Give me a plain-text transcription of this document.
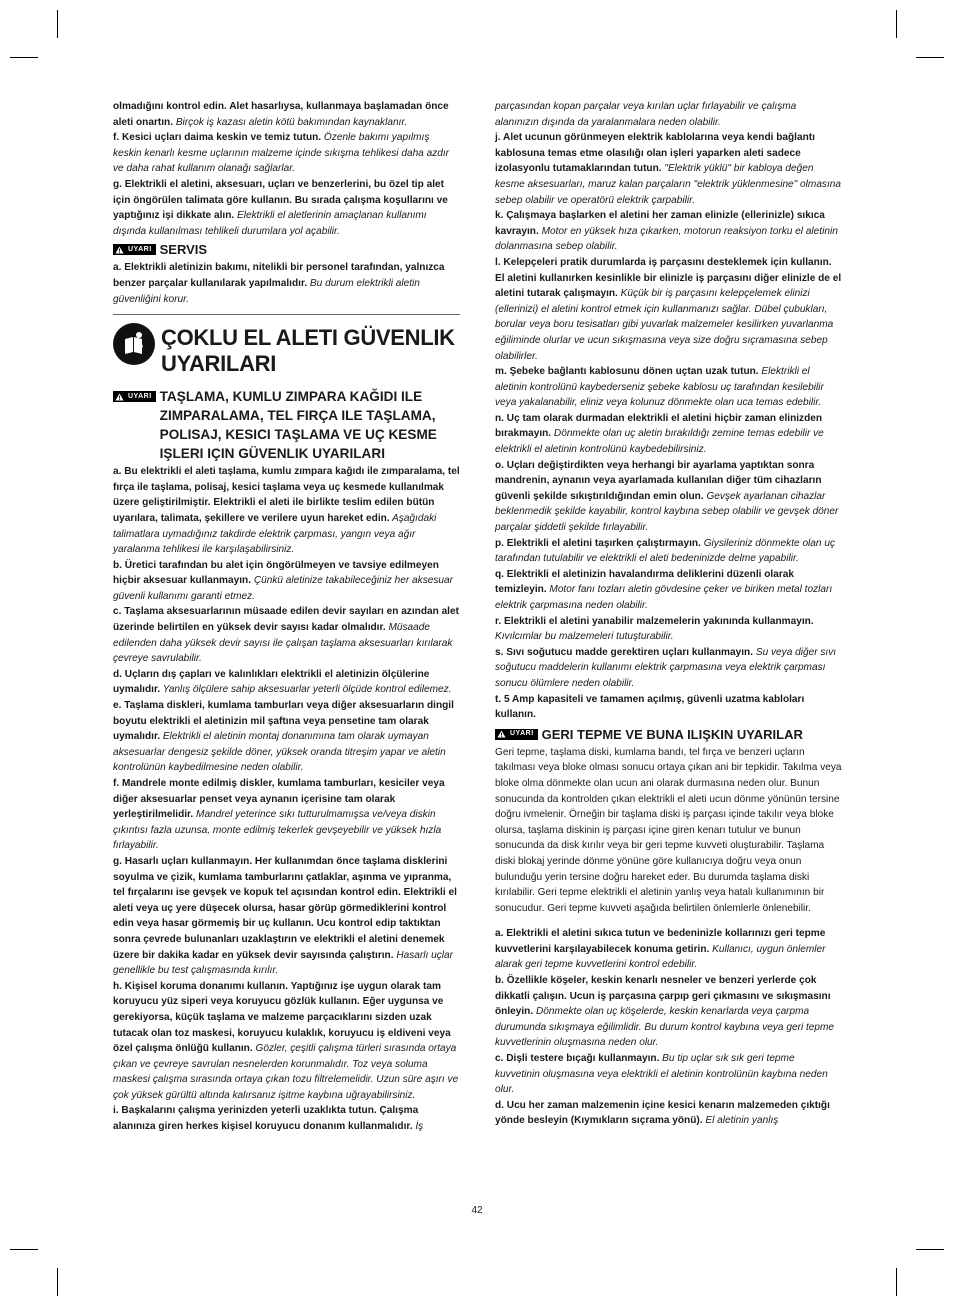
olmadığını kontrol edin. Alet hasarlıysa, kullanmaya başlamadan önce aleti onartın. Birçok iş kazası aletin kötü bakımından kaynaklanır.

f. Kesici uçları daima keskin ve temiz tutun. Özenle bakımı yapılmış keskin kenarlı kesme uçlarının malzeme içinde sıkışma tehlikesi daha azdır ve daha rahat kullanım olanağı sağlarlar.

g. Elektrikli el aletini, aksesuarı, uçları ve benzerlerini, bu özel tip alet için öngörülen talimata göre kullanın. Bu sırada çalışma koşullarını ve yaptığınız işi dikkate alın. Elektrikli el aletlerinin amaçlanan kullanımı dışında kullanılması tehlikeli durumlara yol açabilir.

UYARI SERVIS

a. Elektrikli aletinizin bakımı, nitelikli bir personel tarafından, yalnızca benzer parçalar kullanılarak yapılmalıdır. Bu durum elektrikli aletin güvenliğini korur.

ÇOKLU EL ALETI GÜVENLIK UYARILARI
UYARI TAŞLAMA, KUMLU ZIMPARA KAĞIDI ILE ZIMPARALAMA, TEL FIRÇA ILE TAŞLAMA, POLISAJ, KESICI TAŞLAMA VE UÇ KESME IŞLERI IÇIN GÜVENLIK UYARILARI

a. Bu elektrikli el aleti taşlama, kumlu zımpara kağıdı ile zımparalama, tel fırça ile taşlama, polisaj, kesici taşlama veya uç kesmede kullanılmak üzere geliştirilmiştir. Elektrikli el aleti ile birlikte teslim edilen bütün uyarılara, talimata, şekillere ve verilere uyun hareket edin. Aşağıdaki talimatlara uymadığınız takdirde elektrik çarpması, yangın veya ağır yaralanma tehlikesi ile karşılaşabilirsiniz.

b. Üretici tarafından bu alet için öngörülmeyen ve tavsiye edilmeyen hiçbir aksesuar kullanmayın. Çünkü aletinize takabileceğiniz her aksesuar güvenli kullanımı garanti etmez.

c. Taşlama aksesuarlarının müsaade edilen devir sayıları en azından alet üzerinde belirtilen en yüksek devir sayısı kadar olmalıdır. Müsaade edilenden daha yüksek devir sayısı ile çalışan taşlama aksesuarları kırılarak çevreye savrulabilir.

d. Uçların dış çapları ve kalınlıkları elektrikli el aletinizin ölçülerine uymalıdır. Yanlış ölçülere sahip aksesuarlar yeterli ölçüde kontrol edilemez.

e. Taşlama diskleri, kumlama tamburları veya diğer aksesuarların dingil boyutu elektrikli el aletinizin mil şaftına veya pensetine tam olarak uymalıdır. Elektrikli el aletinin montaj donanımına tam olarak uymayan aksesuarlar dengesiz şekilde döner, yüksek oranda titreşim yapar ve aletin kontrolünün kaybedilmesine neden olabilir.

f. Mandrele monte edilmiş diskler, kumlama tamburları, kesiciler veya diğer aksesuarlar penset veya aynanın içerisine tam olarak yerleştirilmelidir. Mandrel yeterince sıkı tutturulmamışsa ve/veya diskin çıkıntısı fazla uzunsa, monte edilmiş tekerlek gevşeyebilir ve yüksek hızla fırlayabilir.

g. Hasarlı uçları kullanmayın. Her kullanımdan önce taşlama disklerini soyulma ve çizik, kumlama tamburlarını çatlaklar, aşınma ve yıpranma, tel fırçalarını ise gevşek ve kopuk tel açısından kontrol edin. Elektrikli el aleti veya uç yere düşecek olursa, hasar görüp görmediklerini kontrol edin veya hasar görmemiş bir uç kullanın. Ucu kontrol edip taktıktan sonra çevrede bulunanları uzaklaştırın ve elektrikli el aletini denemek üzere bir dakika kadar en yüksek devir sayısında çalıştırın. Hasarlı uçlar genellikle bu test çalışmasında kırılır.

h. Kişisel koruma donanımı kullanın. Yaptığınız işe uygun olarak tam koruyucu yüz siperi veya koruyucu gözlük kullanın. Eğer uygunsa ve gerekiyorsa, küçük taşlama ve malzeme parçacıklarını sizden uzak tutacak olan toz maskesi, koruyucu kulaklık, koruyucu iş eldiveni veya özel çalışma önlüğü kullanın. Gözler, çeşitli çalışma türleri sırasında ortaya çıkan ve çevreye savrulan nesnelerden korunmalıdır. Toz veya soluma maskesi çalışma sırasında ortaya çıkan tozu filtrelemelidir. Uzun süre aşırı ve çok yüksek gürültü altında kalırsanız işitme kaybına uğrayabilirsiniz.

i. Başkalarını çalışma yerinizden yeterli uzaklıkta tutun. Çalışma alanınıza giren herkes kişisel koruyucu donanım kullanmalıdır. İş

parçasından kopan parçalar veya kırılan uçlar fırlayabilir ve çalışma alanınızın dışında da yaralanmalara neden olabilir.

j. Alet ucunun görünmeyen elektrik kablolarına veya kendi bağlantı kablosuna temas etme olasılığı olan işleri yaparken aleti sadece izolasyonlu tutamaklarından tutun. "Elektrik yüklü" bir kabloya değen kesme aksesuarları, maruz kalan parçaların "elektrik yüklenmesine" olmasına sebep olabilir ve operatörü elektrik çarpabilir.

k. Çalışmaya başlarken el aletini her zaman elinizle (ellerinizle) sıkıca kavrayın. Motor en yüksek hıza çıkarken, motorun reaksiyon torku el aletinin dolanmasına sebep olabilir.

l. Kelepçeleri pratik durumlarda iş parçasını desteklemek için kullanın. El aletini kullanırken kesinlikle bir elinizle iş parçasını diğer elinizle de el aletini tutarak çalışmayın. Küçük bir iş parçasını kelepçelemek elinizi (ellerinizi) el aletini kontrol etmek için kullanmanızı sağlar. Dübel çubukları, borular veya boru tesisatları gibi yuvarlak malzemeler kesilirken yuvarlanma eğiliminde olurlar ve ucun sıkışmasına veya size doğru sıçramasına sebep olabilirler.

m. Şebeke bağlantı kablosunu dönen uçtan uzak tutun. Elektrikli el aletinin kontrolünü kaybederseniz şebeke kablosu uç tarafından kesilebilir veya yakalanabilir, eliniz veya kolunuz dönmekte olan uca temas edebilir.

n. Uç tam olarak durmadan elektrikli el aletini hiçbir zaman elinizden bırakmayın. Dönmekte olan uç aletin bırakıldığı zemine temas edebilir ve elektrikli el aletinin kontrolünü kaybedebilirsiniz.

o. Uçları değiştirdikten veya herhangi bir ayarlama yaptıktan sonra mandrenin, aynanın veya ayarlamada kullanılan diğer tüm cihazların güvenli şekilde sıkıştırıldığından emin olun. Gevşek ayarlanan cihazlar beklenmedik şekilde kayabilir, kontrol kaybına sebep olabilir ve gevşek döner parçalar şiddetli şekilde fırlayabilir.

p. Elektrikli el aletini taşırken çalıştırmayın. Giysileriniz dönmekte olan uç tarafından tutulabilir ve elektrikli el aleti bedeninizde delme yapabilir.

q. Elektrikli el aletinizin havalandırma deliklerini düzenli olarak temizleyin. Motor fanı tozları aletin gövdesine çeker ve biriken metal tozları elektrik çarpmasına neden olabilir.

r. Elektrikli el aletini yanabilir malzemelerin yakınında kullanmayın. Kıvılcımlar bu malzemeleri tutuşturabilir.

s. Sıvı soğutucu madde gerektiren uçları kullanmayın. Su veya diğer sıvı soğutucu maddelerin kullanımı elektrik çarpmasına veya elektrik çarpması sonucu ölümlere neden olabilir.

t. 5 Amp kapasiteli ve tamamen açılmış, güvenli uzatma kabloları kullanın.

UYARI GERI TEPME VE BUNA ILIŞKIN UYARILAR

Geri tepme, taşlama diski, kumlama bandı, tel fırça ve benzeri uçların takılması veya bloke olması sonucu ortaya çıkan ani bir tepkidir. Takılma veya bloke olma dönmekte olan ucun ani olarak durmasına neden olur. Bunun sonucunda da kontrolden çıkan elektrikli el aleti ucun dönme yönünün tersine doğru ivmelenir. Örneğin bir taşlama diski iş parçası içinde takılır veya bloke olursa, taşlama diskinin iş parçası içine giren kenarı tutulur ve bunun sonucunda da disk kırılır veya bir geri tepme kuvveti oluşturabilir. Taşlama diski blokaj yerinde dönme yönüne göre kullanıcıya doğru veya onun bulunduğu yerin tersine doğru hareket eder. Bu durumda taşlama diski kırılabilir. Geri tepme elektrikli el aletinin yanlış veya hatalı kullanımının bir sonucudur. Geri tepme kuvveti aşağıda belirtilen önlemlerle önlenebilir.

a. Elektrikli el aletini sıkıca tutun ve bedeninizle kollarınızı geri tepme kuvvetlerini karşılayabilecek konuma getirin. Kullanıcı, uygun önlemler alarak geri tepme kuvvetlerini kontrol edebilir.

b. Özellikle köşeler, keskin kenarlı nesneler ve benzeri yerlerde çok dikkatli çalışın. Ucun iş parçasına çarpıp geri çıkmasını ve sıkışmasını önleyin. Dönmekte olan uç köşelerde, keskin kenarlarda veya çarpma durumunda sıkışmaya eğilimlidir. Bu durum kontrol kaybına veya geri tepme kuvvetlerinin oluşmasına neden olur.

c. Dişli testere bıçağı kullanmayın. Bu tip uçlar sık sık geri tepme kuvvetinin oluşmasına veya elektrikli el aletinin kontrolünün kaybına neden olur.

d. Ucu her zaman malzemenin içine kesici kenarın malzemeden çıktığı yönde besleyin (Kıymıkların sıçrama yönü). El aletinin yanlış

42
